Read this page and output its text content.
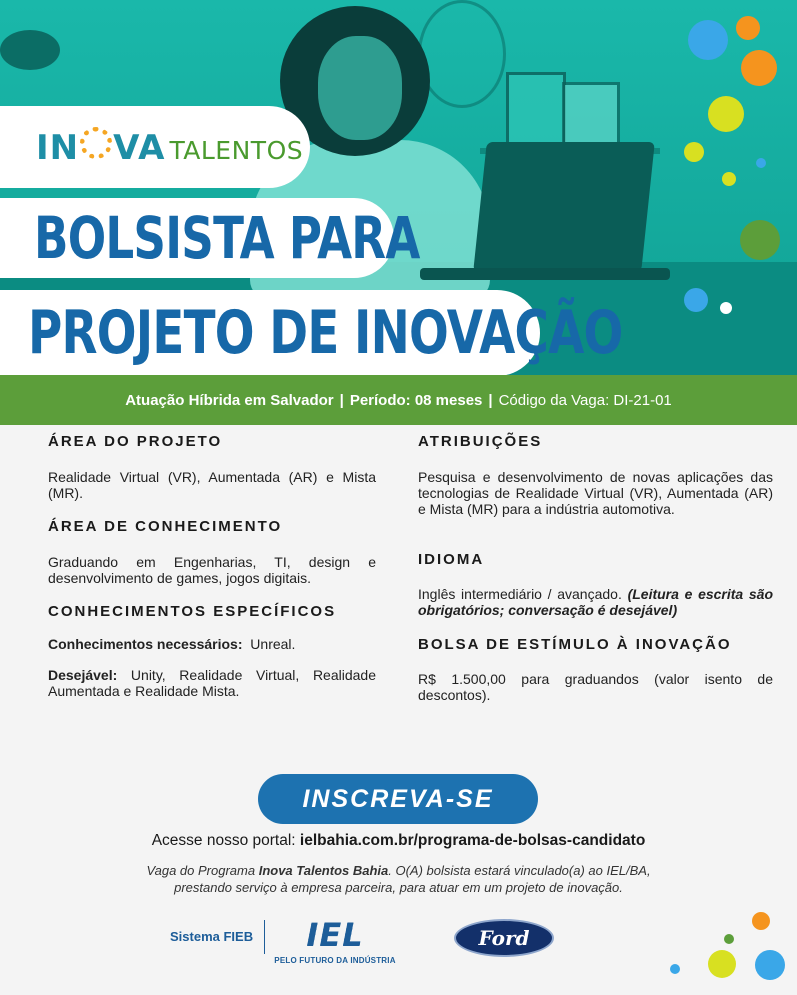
IN VA TALENTOS
BOLSISTA PARA
PROJETO DE INOVAÇÃO
Atuação Híbrida em Salvador | Período: 08 meses | Código da Vaga: DI-21-01
ÁREA DO PROJETO
Realidade Virtual (VR), Aumentada (AR) e Mista (MR).
ÁREA DE CONHECIMENTO
Graduando em Engenharias, TI, design e desenvolvimento de games, jogos digitais.
CONHECIMENTOS ESPECÍFICOS
Conhecimentos necessários: Unreal.
Desejável: Unity, Realidade Virtual, Realidade Aumentada e Realidade Mista.
ATRIBUIÇÕES
Pesquisa e desenvolvimento de novas aplicações das tecnologias de Realidade Virtual (VR), Aumentada (AR) e Mista (MR) para a indústria automotiva.
IDIOMA
Inglês intermediário / avançado. (Leitura e escrita são obrigatórios; conversação é desejável)
BOLSA DE ESTÍMULO À INOVAÇÃO
R$ 1.500,00 para graduandos (valor isento de descontos).
INSCREVA-SE
Acesse nosso portal: ielbahia.com.br/programa-de-bolsas-candidato
Vaga do Programa Inova Talentos Bahia. O(A) bolsista estará vinculado(a) ao IEL/BA,
prestando serviço à empresa parceira, para atuar em um projeto de inovação.
Sistema FIEB IEL
PELO FUTURO DA INDÚSTRIA
Ford
